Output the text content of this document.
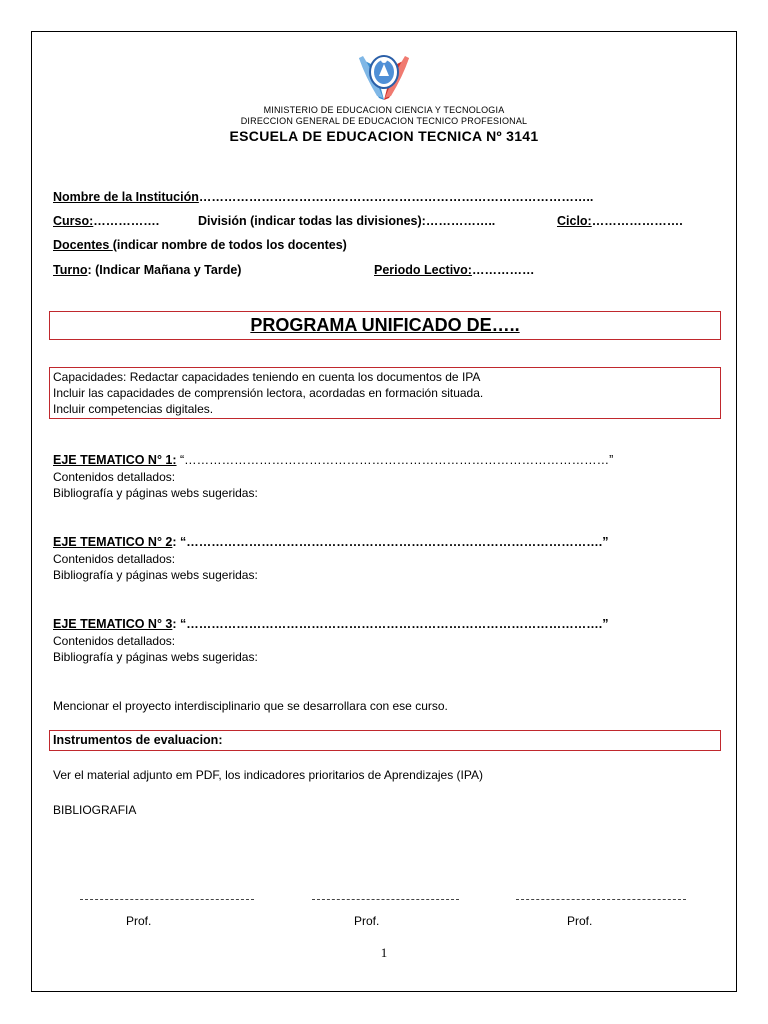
MINISTERIO DE EDUCACION CIENCIA Y TECNOLOGIA
DIRECCION GENERAL DE EDUCACION TECNICO PROFESIONAL
ESCUELA DE EDUCACION TECNICA Nº 3141
Nombre de la Institución…………………………………………………………………………………..
Curso:…………….	División (indicar todas las divisiones):……………..	Ciclo:………………….
Docentes (indicar nombre de todos los docentes)
Turno: (Indicar Mañana y Tarde)	Periodo Lectivo:……………
PROGRAMA UNIFICADO DE…..
Capacidades: Redactar capacidades teniendo en cuenta los documentos de IPA
Incluir las capacidades de comprensión lectora, acordadas en formación situada.
Incluir competencias digitales.
EJE TEMATICO N° 1: “…………………………………………………………………………………………”
Contenidos detallados:
Bibliografía y páginas webs sugeridas:
EJE TEMATICO N° 2: “……………………………………………………………………………………….”
Contenidos detallados:
Bibliografía y páginas webs sugeridas:
EJE TEMATICO N° 3: “……………………………………………………………………………………….”
Contenidos detallados:
Bibliografía y páginas webs sugeridas:
Mencionar el proyecto interdisciplinario que se desarrollara con ese curso.
Instrumentos de evaluacion:
Ver el material adjunto em PDF, los indicadores prioritarios de Aprendizajes (IPA)
BIBLIOGRAFIA
Prof.	Prof.	Prof.
1
